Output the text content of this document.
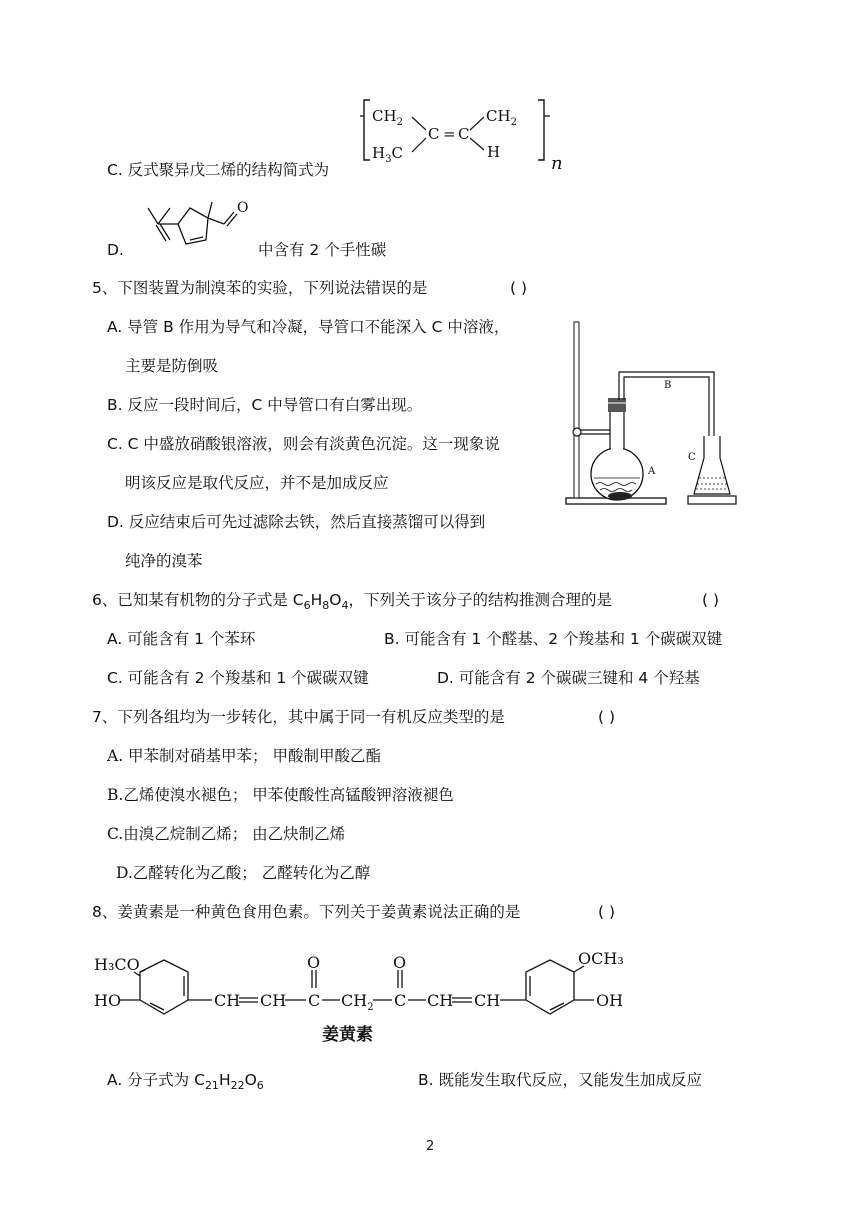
C. 反式聚异戊二烯的结构简式为
$CH_2$
$H_3C$
C = C
$CH_2$
H
n
D.
O
中含有 2 个手性碳
5、下图装置为制溴苯的实验，下列说法错误的是	( )
A. 导管 B 作用为导气和冷凝，导管口不能深入 C 中溶液，
主要是防倒吸
B. 反应一段时间后，C 中导管口有白雾出现。
C. C 中盛放硝酸银溶液，则会有淡黄色沉淀。这一现象说
明该反应是取代反应，并不是加成反应
D. 反应结束后可先过滤除去铁，然后直接蒸馏可以得到
纯净的溴苯
A
B
C
6、已知某有机物的分子式是 $C_6H_8O_4$，下列关于该分子的结构推测合理的是	( )
A. 可能含有 1 个苯环	B. 可能含有 1 个醛基、2 个羧基和 1 个碳碳双键
C. 可能含有 2 个羧基和 1 个碳碳双键	D. 可能含有 2 个碳碳三键和 4 个羟基
7、下列各组均为一步转化，其中属于同一有机反应类型的是	( )
A. 甲苯制对硝基甲苯； 甲酸制甲酸乙酯
B.乙烯使溴水褪色； 甲苯使酸性高锰酸钾溶液褪色
C.由溴乙烷制乙烯； 由乙炔制乙烯
D.乙醛转化为乙酸； 乙醛转化为乙醇
8、姜黄素是一种黄色食用色素。下列关于姜黄素说法正确的是	( )
H₃CO
HO	CH CH C
O
$CH_2$ C
O
CH CH
OCH₃
OH
姜黄素
A. 分子式为 $C_{21}H_{22}O_6$	B. 既能发生取代反应，又能发生加成反应
2
